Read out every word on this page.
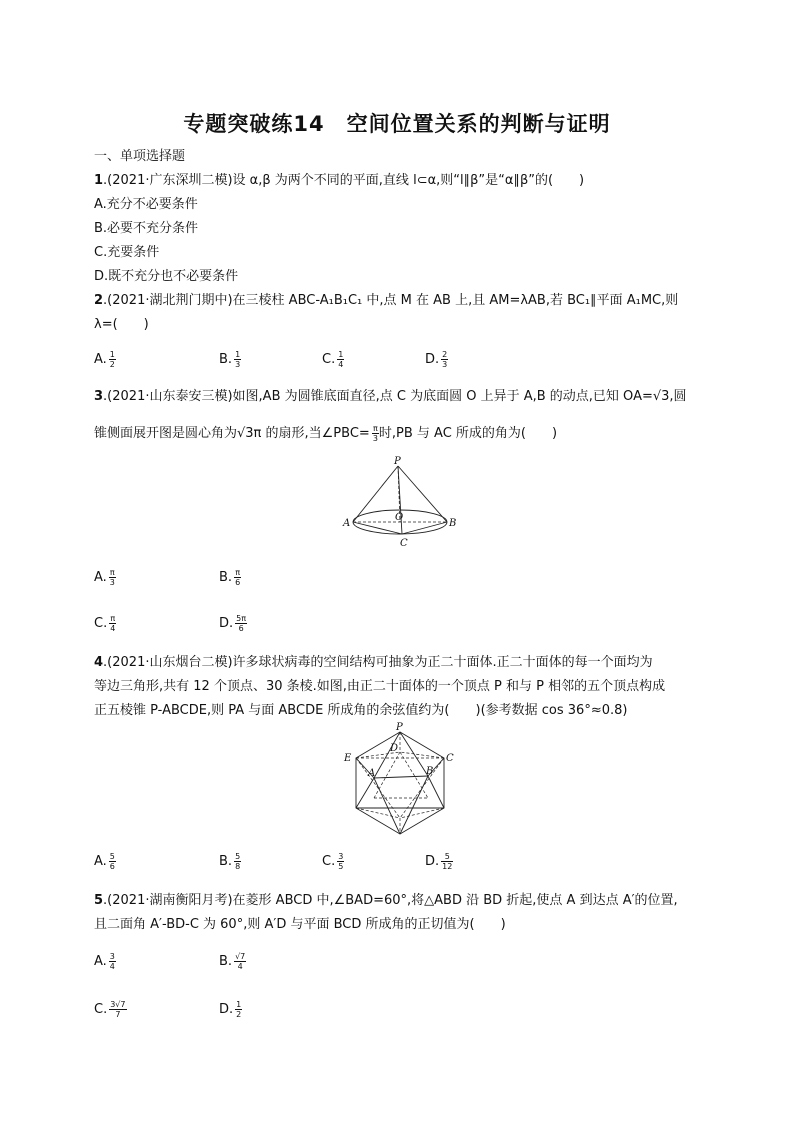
专题突破练14　空间位置关系的判断与证明
一、单项选择题
1.(2021·广东深圳二模)设 α,β 为两个不同的平面,直线 l⊂α,则“l∥β”是“α∥β”的(　　)
A.充分不必要条件
B.必要不充分条件
C.充要条件
D.既不充分也不必要条件
2.(2021·湖北荆门期中)在三棱柱 ABC-A₁B₁C₁ 中,点 M 在 AB 上,且 AM=λAB,若 BC₁∥平面 A₁MC,则
λ=(　　)
A. $\frac{1}{2}$	B. $\frac{1}{3}$	C. $\frac{1}{4}$	D. $\frac{2}{3}$
3.(2021·山东泰安三模)如图,AB 为圆锥底面直径,点 C 为底面圆 O 上异于 A,B 的动点,已知 OA=√3,圆
锥侧面展开图是圆心角为√3π 的扇形,当∠PBC= $\frac{\pi}{3}$ 时,PB 与 AC 所成的角为(　　)
P
A
O
B
C
A. $\frac{\pi}{3}$	B. $\frac{\pi}{6}$
C. $\frac{\pi}{4}$	D. $\frac{5\pi}{6}$
4.(2021·山东烟台二模)许多球状病毒的空间结构可抽象为正二十面体.正二十面体的每一个面均为
等边三角形,共有 12 个顶点、30 条棱.如图,由正二十面体的一个顶点 P 和与 P 相邻的五个顶点构成
正五棱锥 P-ABCDE,则 PA 与面 ABCDE 所成角的余弦值约为(　　)(参考数据 cos 36°≈0.8)
P
E
D
C
A	B
A. $\frac{5}{6}$	B. $\frac{5}{8}$	C. $\frac{3}{5}$	D. $\frac{5}{12}$
5.(2021·湖南衡阳月考)在菱形 ABCD 中,∠BAD=60°,将△ABD 沿 BD 折起,使点 A 到达点 A′的位置,
且二面角 A′-BD-C 为 60°,则 A′D 与平面 BCD 所成角的正切值为(　　)
A. $\frac{3}{4}$	B. $\frac{√7}{4}$
C. $\frac{3√7}{7}$	D. $\frac{1}{2}$
